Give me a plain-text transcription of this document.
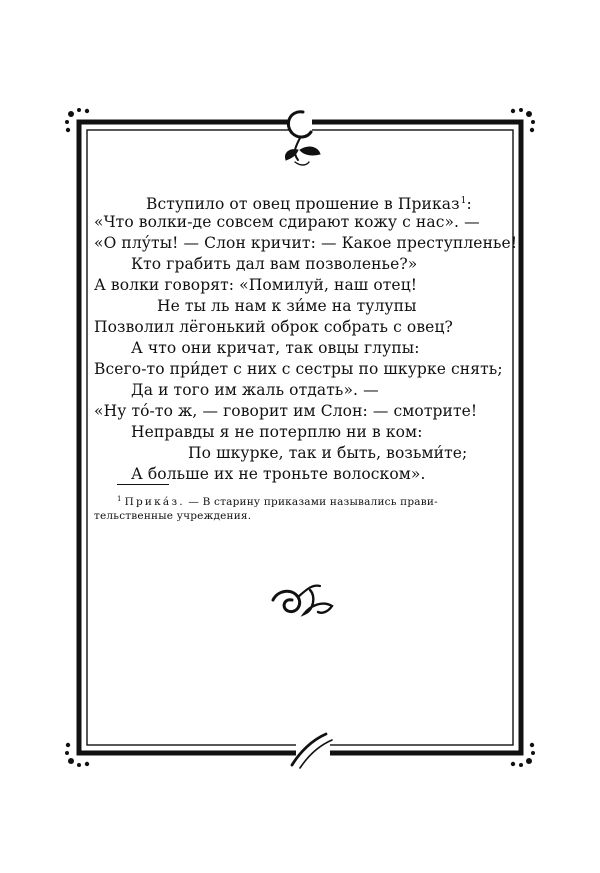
Вступило от овец прошение в Приказ$^1$:
«Что волки-де совсем сдирают кожу с нас». —
«О плу́ты! — Слон кричит: — Какое преступленье!
Кто грабить дал вам позволенье?»
А волки говорят: «Помилуй, наш отец!
Не ты ль нам к зи́ме на тулупы
Позволил лёгонький оброк собрать с овец?
А что они кричат, так овцы глупы:
Всего-то при́дет с них с сестры по шкурке снять;
Да и того им жаль отдать». —
«Ну то́-то ж, — говорит им Слон: — смотрите!
Неправды я не потерплю ни в ком:
По шкурке, так и быть, возьми́те;
А больше их не троньте волоском».
$^1$ Прика́з. — В старину приказами назывались прави-
тельственные учреждения.
